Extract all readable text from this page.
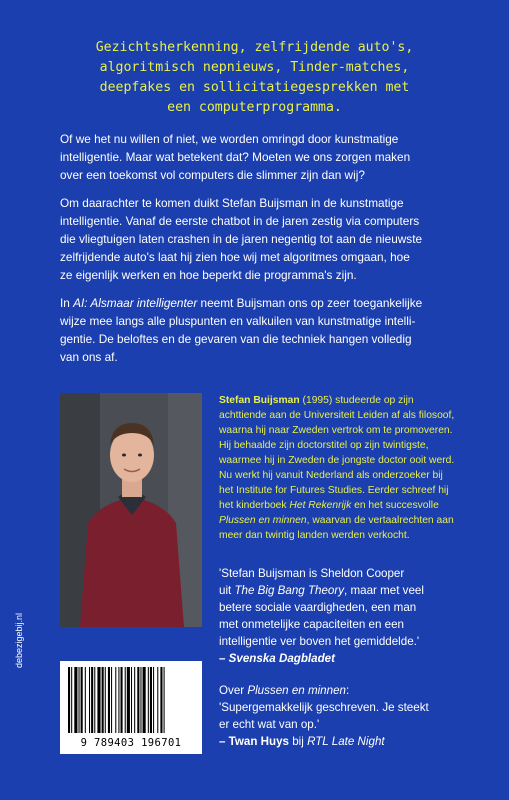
Gezichtsherkenning, zelfrijdende auto's,
algoritmisch nepnieuws, Tinder-matches,
deepfakes en sollicitatiegesprekken met
een computerprogramma.

Of we het nu willen of niet, we worden omringd door kunstmatige
intelligentie. Maar wat betekent dat? Moeten we ons zorgen maken
over een toekomst vol computers die slimmer zijn dan wij?

Om daarachter te komen duikt Stefan Buijsman in de kunstmatige
intelligentie. Vanaf de eerste chatbot in de jaren zestig via computers
die vliegtuigen laten crashen in de jaren negentig tot aan de nieuwste
zelfrijdende auto's laat hij zien hoe wij met algoritmes omgaan, hoe
ze eigenlijk werken en hoe beperkt die programma's zijn.

In AI: Alsmaar intelligenter neemt Buijsman ons op zeer toegankelijke
wijze mee langs alle pluspunten en valkuilen van kunstmatige intelli-
gentie. De beloftes en de gevaren van die techniek hangen volledig
van ons af.

Stefan Buijsman (1995) studeerde op zijn
achttiende aan de Universiteit Leiden af als filosoof,
waarna hij naar Zweden vertrok om te promoveren.
Hij behaalde zijn doctorstitel op zijn twintigste,
waarmee hij in Zweden de jongste doctor ooit werd.
Nu werkt hij vanuit Nederland als onderzoeker bij
het Institute for Futures Studies. Eerder schreef hij
het kinderboek Het Rekenrijk en het succesvolle
Plussen en minnen, waarvan de vertaalrechten aan
meer dan twintig landen werden verkocht.
'Stefan Buijsman is Sheldon Cooper
uit The Big Bang Theory, maar met veel
betere sociale vaardigheden, een man
met onmetelijke capaciteiten en een
intelligentie ver boven het gemiddelde.'
– Svenska Dagbladet
Over Plussen en minnen:
'Supergemakkelijk geschreven. Je steekt
er echt wat van op.'
– Twan Huys bij RTL Late Night
9 789403 196701
debezigebij.nl
